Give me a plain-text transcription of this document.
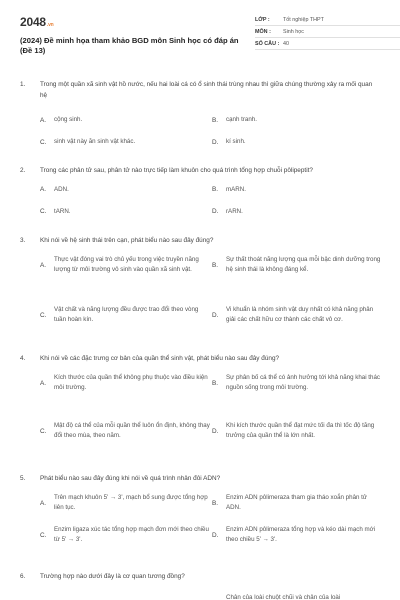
2048.vn
(2024) Đề minh họa tham khảo BGD môn Sinh học có đáp án (Đề 13)
LỚP :	Tốt nghiệp THPT
MÔN :	Sinh học
SỐ CÂU : 40
1. Trong một quần xã sinh vật hồ nước, nếu hai loài cá có ổ sinh thái trùng nhau thì giữa chúng thường xảy ra mối quan hệ
A.	cộng sinh.	B.	cạnh tranh.
C.	sinh vật này ăn sinh vật khác.	D.	kí sinh.
2. Trong các phân tử sau, phân tử nào trực tiếp làm khuôn cho quá trình tổng hợp chuỗi pôlipeptit?
A.	ADN.	B.	mARN.
C.	tARN.	D.	rARN.
3. Khi nói về hệ sinh thái trên cạn, phát biểu nào sau đây đúng?
A.
Thực vật đóng vai trò chủ yếu trong việc truyền năng lượng từ môi trường vô sinh vào quần xã sinh vật.
B.
Sự thất thoát năng lượng qua mỗi bậc dinh dưỡng trong hệ sinh thái là không đáng kể.
C.
Vật chất và năng lượng đều được trao đổi theo vòng tuần hoàn kín.
D.
Vi khuẩn là nhóm sinh vật duy nhất có khả năng phân giải các chất hữu cơ thành các chất vô cơ.
4. Khi nói về các đặc trưng cơ bản của quần thể sinh vật, phát biểu nào sau đây đúng?
A.
Kích thước của quần thể không phụ thuộc vào điều kiện môi trường.
B.
Sự phân bố cá thể có ảnh hưởng tới khả năng khai thác nguồn sống trong môi trường.
C.
Mật độ cá thể của mỗi quần thể luôn ổn định, không thay đổi theo mùa, theo năm.
D.
Khi kích thước quần thể đạt mức tối đa thì tốc độ tăng trưởng của quần thể là lớn nhất.
5. Phát biểu nào sau đây đúng khi nói về quá trình nhân đôi ADN?
A.
Trên mạch khuôn 5' → 3', mạch bổ sung được tổng hợp liên tục.
B.
Enzim ADN pôlimeraza tham gia tháo xoắn phân tử ADN.
C.
Enzim ligaza xúc tác tổng hợp mạch đơn mới theo chiều từ 5' → 3'.
D.
Enzim ADN pôlimeraza tổng hợp và kéo dài mạch mới theo chiều 5' → 3'.
6. Trường hợp nào dưới đây là cơ quan tương đồng?
Chân của loài chuột chũi và chân của loài
